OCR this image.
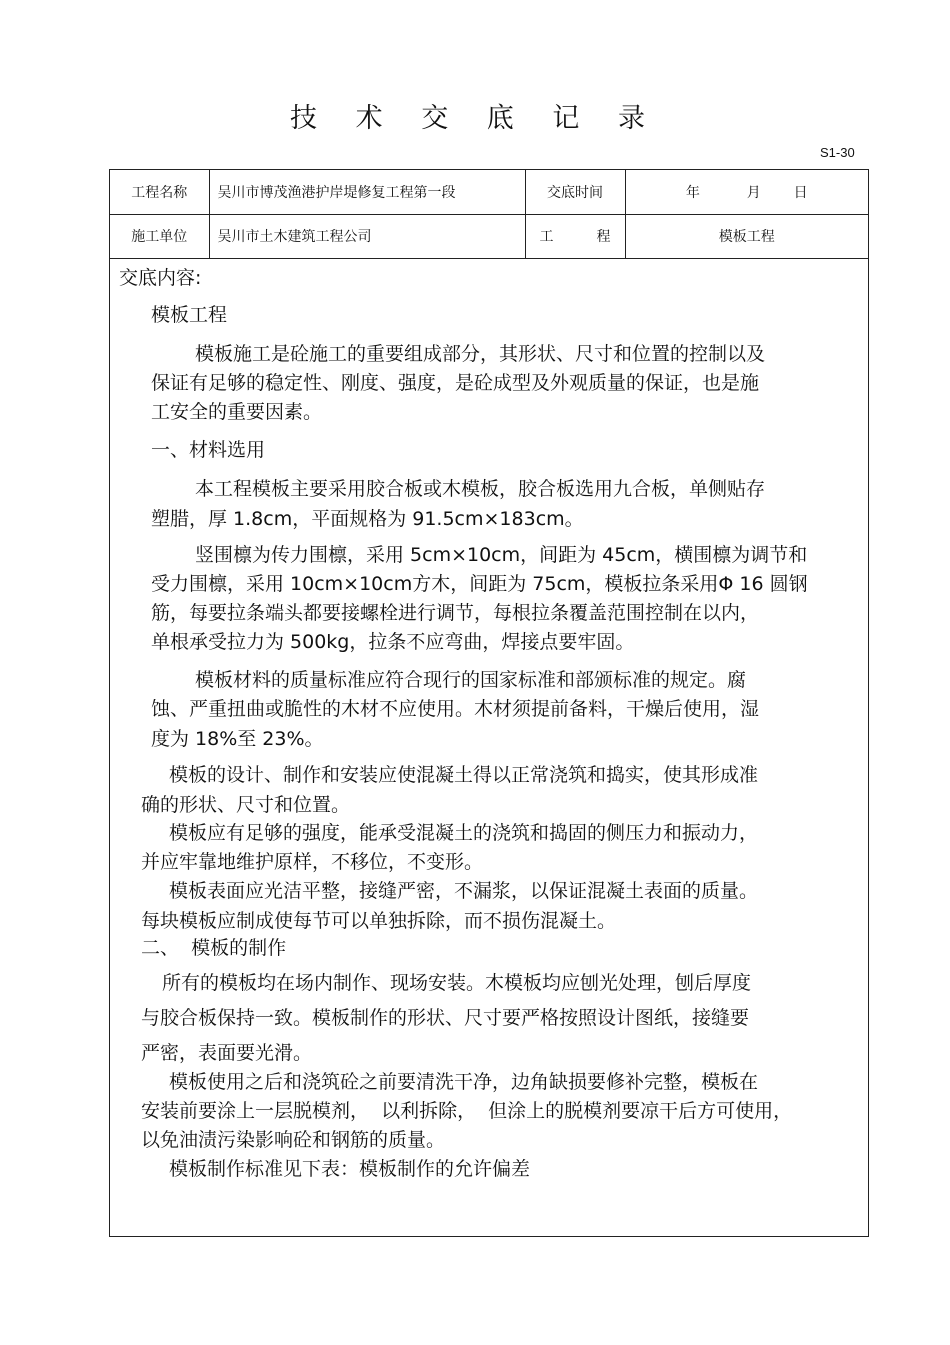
技 术 交 底 记 录
S1-30
工程名称	吴川市博茂渔港护岸堤修复工程第一段	交底时间	年 月 日
施工单位	吴川市土木建筑工程公司	工 程	模板工程
交底内容:
模板工程
模板施工是砼施工的重要组成部分，其形状、尺寸和位置的控制以及
保证有足够的稳定性、刚度、强度，是砼成型及外观质量的保证，也是施
工安全的重要因素。
一、材料选用
本工程模板主要采用胶合板或木模板，胶合板选用九合板，单侧贴存
塑腊，厚 1.8cm，平面规格为 91.5cm×183cm。
竖围檩为传力围檩，采用 5cm×10cm，间距为 45cm，横围檩为调节和
受力围檩，采用 10cm×10cm方木，间距为 75cm，模板拉条采用Φ 16 圆钢
筋，每要拉条端头都要接螺栓进行调节，每根拉条覆盖范围控制在以内，
单根承受拉力为 500kg，拉条不应弯曲，焊接点要牢固。
模板材料的质量标准应符合现行的国家标准和部颁标准的规定。腐
蚀、严重扭曲或脆性的木材不应使用。木材须提前备料，干燥后使用，湿
度为 18%至 23%。
模板的设计、制作和安装应使混凝土得以正常浇筑和捣实，使其形成准
确的形状、尺寸和位置。
模板应有足够的强度，能承受混凝土的浇筑和捣固的侧压力和振动力，
并应牢靠地维护原样，不移位，不变形。
模板表面应光洁平整，接缝严密，不漏浆，以保证混凝土表面的质量。
每块模板应制成使每节可以单独拆除，而不损伤混凝土。
二、  模板的制作
所有的模板均在场内制作、现场安装。木模板均应刨光处理，刨后厚度
与胶合板保持一致。模板制作的形状、尺寸要严格按照设计图纸，接缝要
严密，表面要光滑。
模板使用之后和浇筑砼之前要清洗干净，边角缺损要修补完整，模板在
安装前要涂上一层脱模剂，  以利拆除，  但涂上的脱模剂要凉干后方可使用，
以免油渍污染影响砼和钢筋的质量。
模板制作标准见下表：模板制作的允许偏差
